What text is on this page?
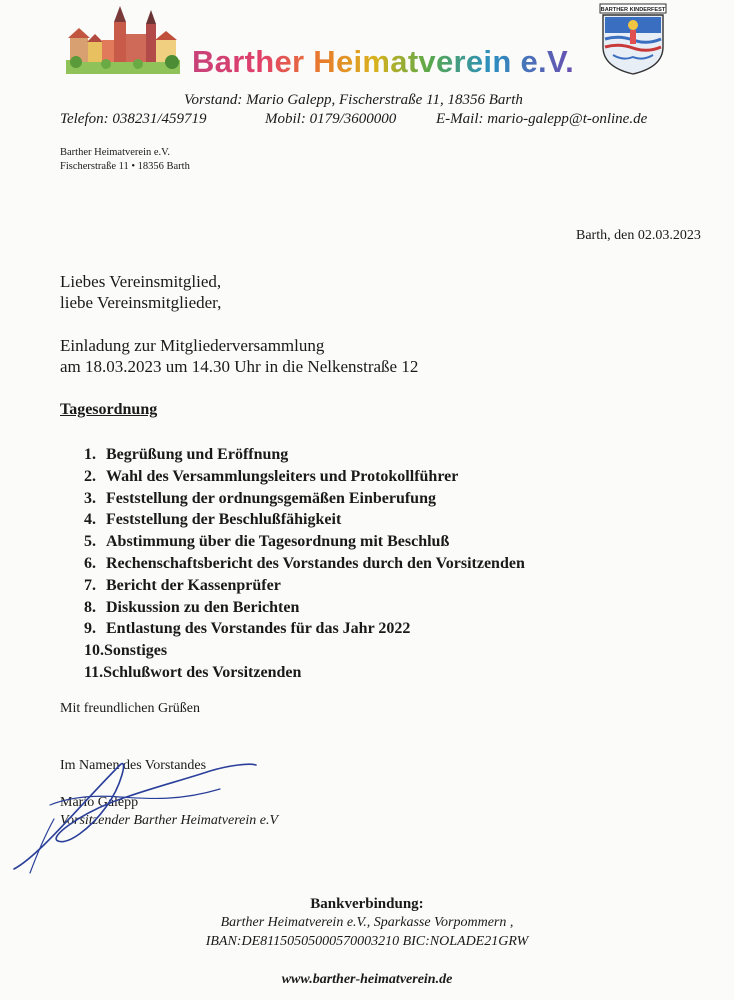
Barther Heimatverein e.V.
BARTHER KINDERFEST
Vorstand: Mario Galepp, Fischerstraße 11, 18356 Barth
Telefon: 038231/459719	Mobil: 0179/3600000	E-Mail: mario-galepp@t-online.de
Barther Heimatverein e.V.
Fischerstraße 11 • 18356 Barth
Barth, den 02.03.2023
Liebes Vereinsmitglied,
liebe Vereinsmitglieder,
Einladung zur Mitgliederversammlung
am 18.03.2023 um 14.30 Uhr in die Nelkenstraße 12
Tagesordnung
1. Begrüßung und Eröffnung
2. Wahl des Versammlungsleiters und Protokollführer
3. Feststellung der ordnungsgemäßen Einberufung
4. Feststellung der Beschlußfähigkeit
5. Abstimmung über die Tagesordnung mit Beschluß
6. Rechenschaftsbericht des Vorstandes durch den Vorsitzenden
7. Bericht der Kassenprüfer
8. Diskussion zu den Berichten
9. Entlastung des Vorstandes für das Jahr 2022
10.Sonstiges
11.Schlußwort des Vorsitzenden
Mit freundlichen Grüßen
Im Namen des Vorstandes
Mario Galepp
Vorsitzender Barther Heimatverein e.V
Bankverbindung:
Barther Heimatverein e.V., Sparkasse Vorpommern ,
IBAN:DE81150505000570003210 BIC:NOLADE21GRW
www.barther-heimatverein.de
